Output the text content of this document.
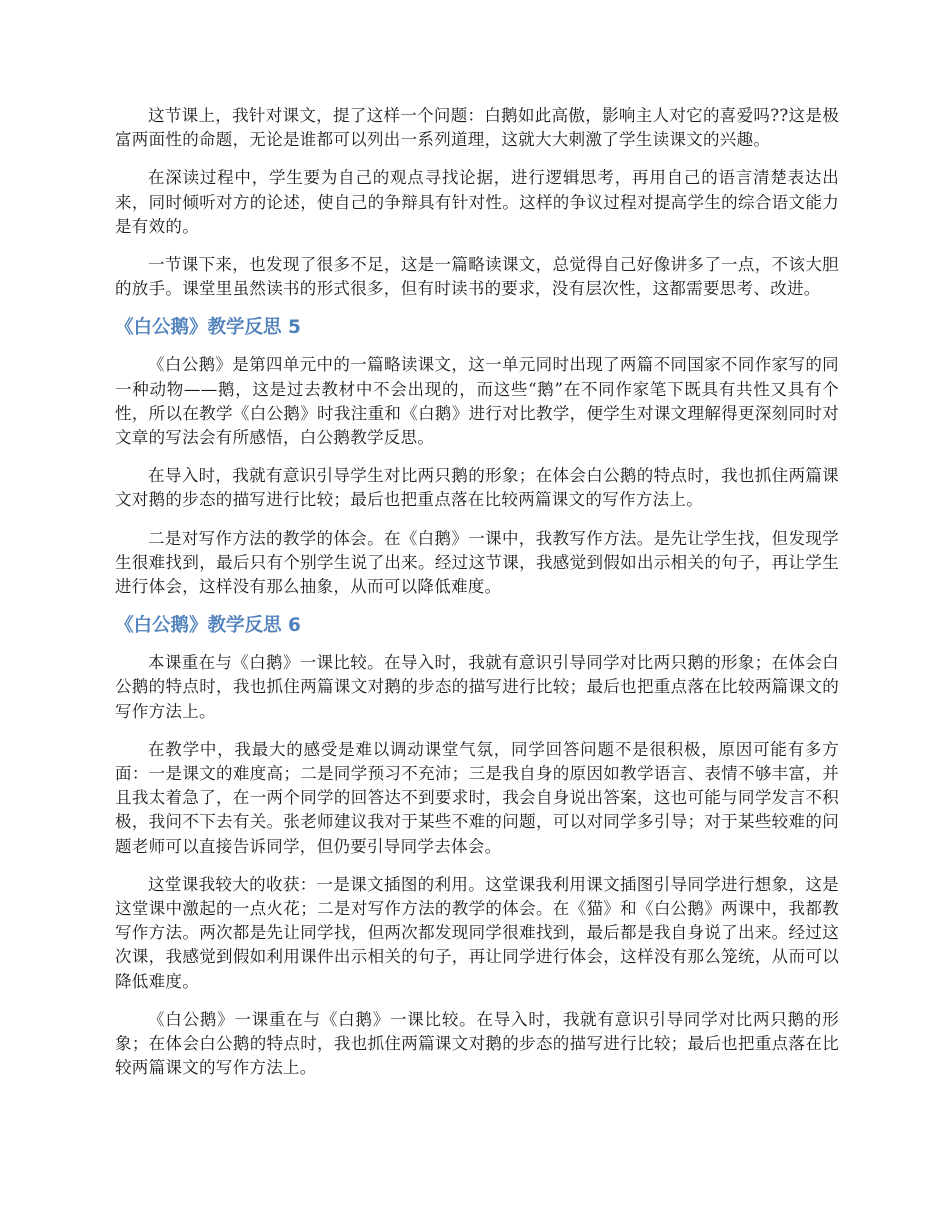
这节课上，我针对课文，提了这样一个问题：白鹅如此高傲，影响主人对它的喜爱吗??这是极富两面性的命题，无论是谁都可以列出一系列道理，这就大大刺激了学生读课文的兴趣。

在深读过程中，学生要为自己的观点寻找论据，进行逻辑思考，再用自己的语言清楚表达出来，同时倾听对方的论述，使自己的争辩具有针对性。这样的争议过程对提高学生的综合语文能力是有效的。

一节课下来，也发现了很多不足，这是一篇略读课文，总觉得自己好像讲多了一点，不该大胆的放手。课堂里虽然读书的形式很多，但有时读书的要求，没有层次性，这都需要思考、改进。

《白公鹅》教学反思 5

《白公鹅》是第四单元中的一篇略读课文，这一单元同时出现了两篇不同国家不同作家写的同一种动物——鹅，这是过去教材中不会出现的，而这些“鹅”在不同作家笔下既具有共性又具有个性，所以在教学《白公鹅》时我注重和《白鹅》进行对比教学，便学生对课文理解得更深刻同时对文章的写法会有所感悟，白公鹅教学反思。

在导入时，我就有意识引导学生对比两只鹅的形象；在体会白公鹅的特点时，我也抓住两篇课文对鹅的步态的描写进行比较；最后也把重点落在比较两篇课文的写作方法上。

二是对写作方法的教学的体会。在《白鹅》一课中，我教写作方法。是先让学生找，但发现学生很难找到，最后只有个别学生说了出来。经过这节课，我感觉到假如出示相关的句子，再让学生进行体会，这样没有那么抽象，从而可以降低难度。

《白公鹅》教学反思 6

本课重在与《白鹅》一课比较。在导入时，我就有意识引导同学对比两只鹅的形象；在体会白公鹅的特点时，我也抓住两篇课文对鹅的步态的描写进行比较；最后也把重点落在比较两篇课文的写作方法上。

在教学中，我最大的感受是难以调动课堂气氛，同学回答问题不是很积极，原因可能有多方面：一是课文的难度高；二是同学预习不充沛；三是我自身的原因如教学语言、表情不够丰富，并且我太着急了，在一两个同学的回答达不到要求时，我会自身说出答案，这也可能与同学发言不积极，我问不下去有关。张老师建议我对于某些不难的问题，可以对同学多引导；对于某些较难的问题老师可以直接告诉同学，但仍要引导同学去体会。

这堂课我较大的收获：一是课文插图的利用。这堂课我利用课文插图引导同学进行想象，这是这堂课中激起的一点火花；二是对写作方法的教学的体会。在《猫》和《白公鹅》两课中，我都教写作方法。两次都是先让同学找，但两次都发现同学很难找到，最后都是我自身说了出来。经过这次课，我感觉到假如利用课件出示相关的句子，再让同学进行体会，这样没有那么笼统，从而可以降低难度。

《白公鹅》一课重在与《白鹅》一课比较。在导入时，我就有意识引导同学对比两只鹅的形象；在体会白公鹅的特点时，我也抓住两篇课文对鹅的步态的描写进行比较；最后也把重点落在比较两篇课文的写作方法上。
